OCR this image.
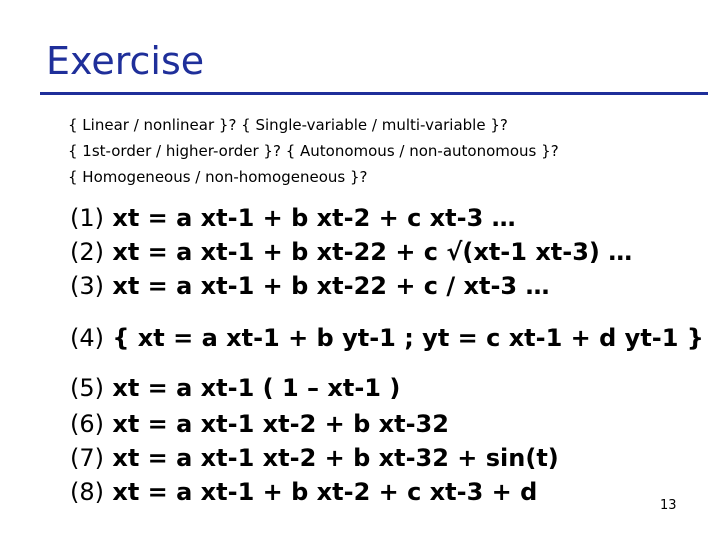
Exercise
{ Linear / nonlinear }? { Single-variable / multi-variable }?
{ 1st-order / higher-order }? { Autonomous / non-autonomous }?
{ Homogeneous / non-homogeneous }?
(1) xt = a xt-1 + b xt-2 + c xt-3 …
(2) xt = a xt-1 + b xt-22 + c √(xt-1 xt-3) …
(3) xt = a xt-1 + b xt-22 + c / xt-3 …
(4) { xt = a xt-1 + b yt-1 ; yt = c xt-1 + d yt-1 }
(5) xt = a xt-1 ( 1 – xt-1 )
(6) xt = a xt-1 xt-2 + b xt-32
(7) xt = a xt-1 xt-2 + b xt-32 + sin(t)
(8) xt = a xt-1 + b xt-2 + c xt-3 + d	13
